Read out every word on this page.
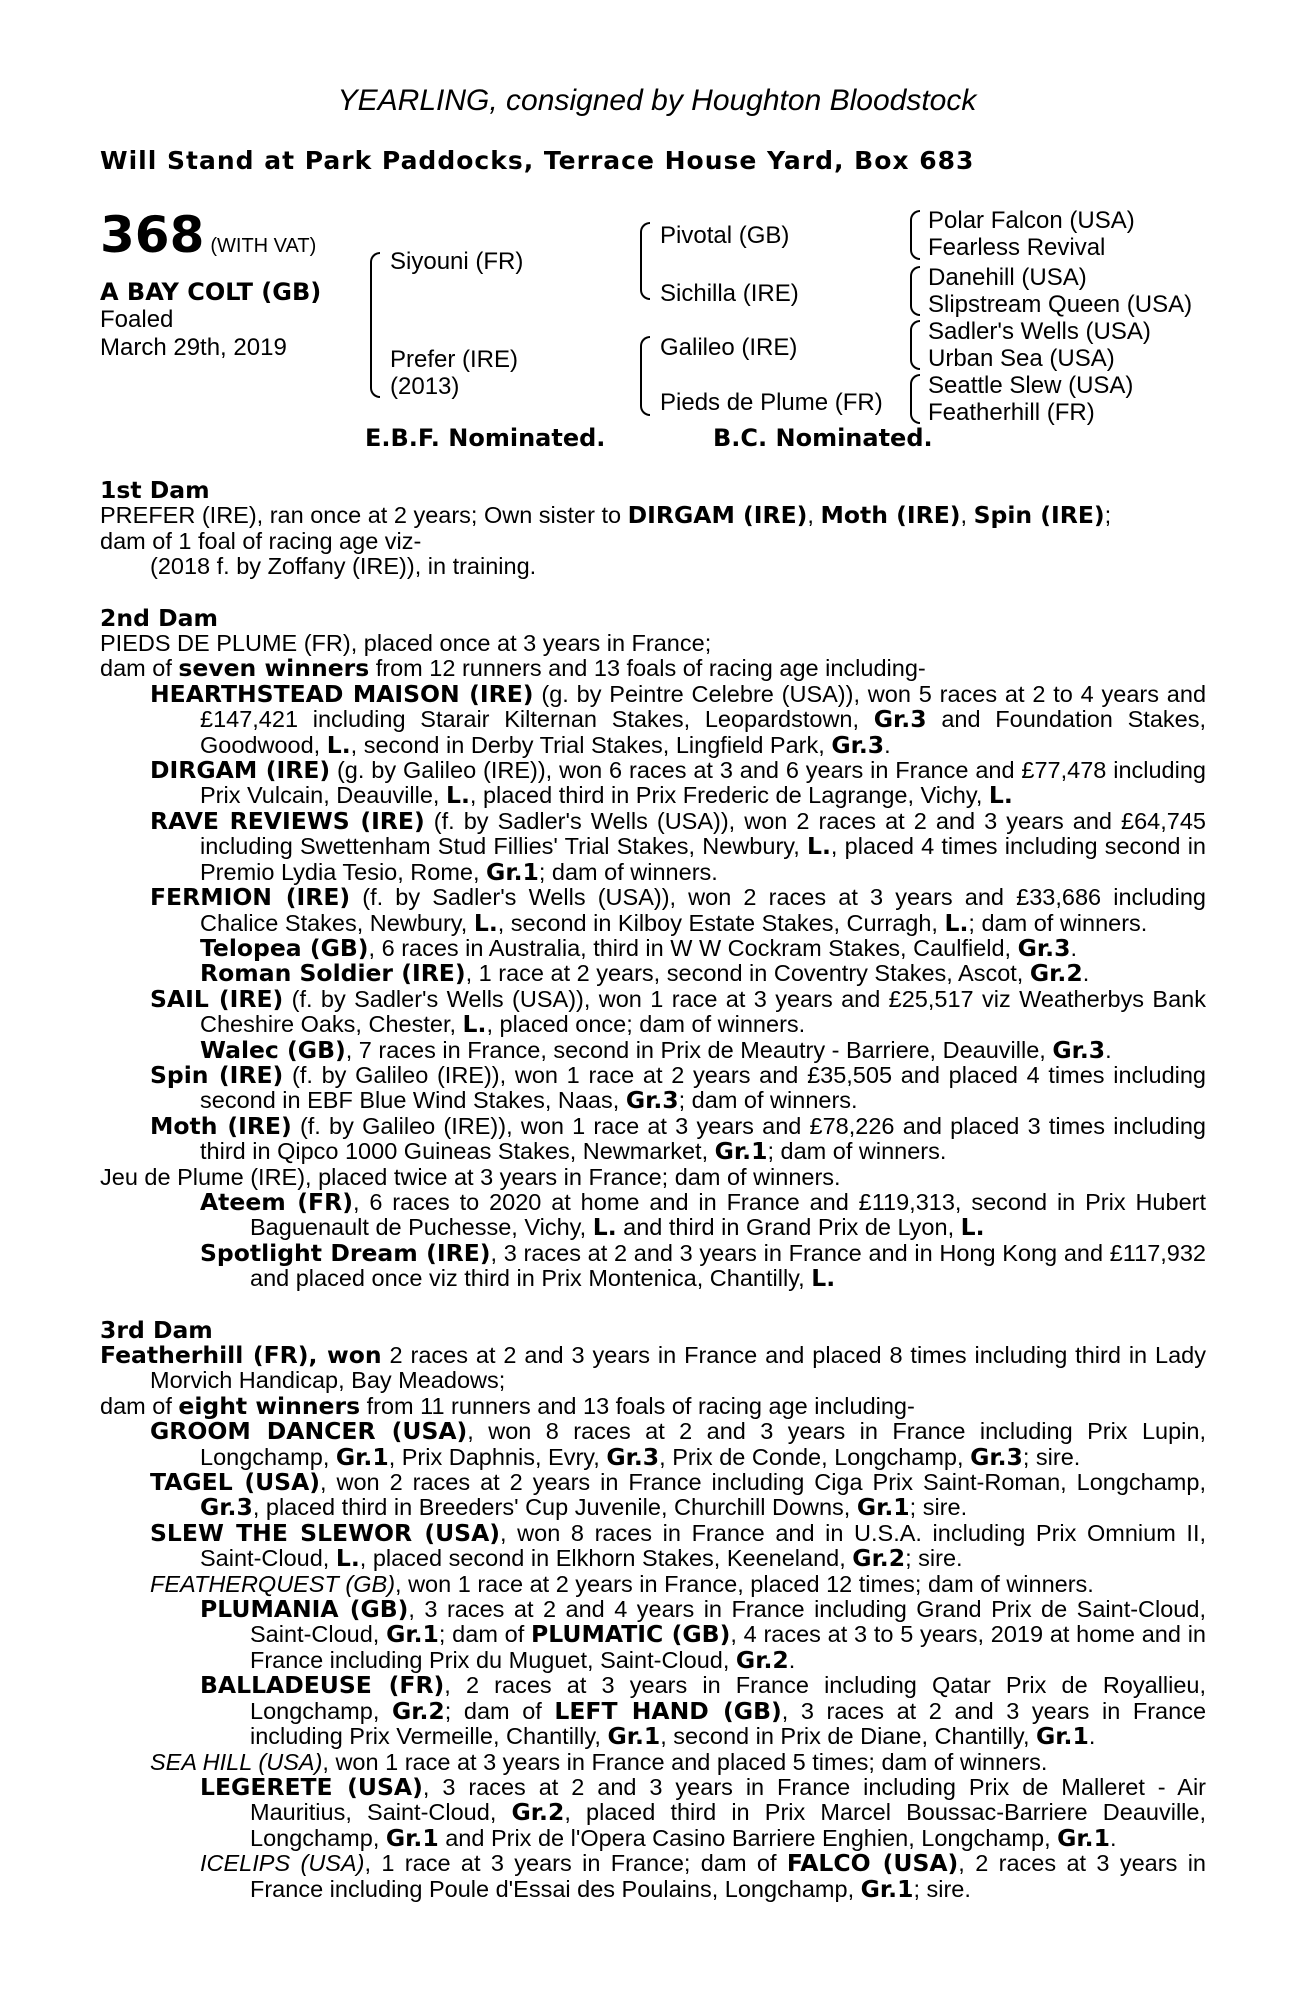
YEARLING, consigned by Houghton Bloodstock
Will Stand at Park Paddocks, Terrace House Yard, Box 683
368 (WITH VAT)
A BAY COLT (GB)
Foaled
March 29th, 2019
Siyouni (FR)
Prefer (IRE)
(2013)
Pivotal (GB)
Sichilla (IRE)
Galileo (IRE)
Pieds de Plume (FR)
Polar Falcon (USA)
Fearless Revival
Danehill (USA)
Slipstream Queen (USA)
Sadler's Wells (USA)
Urban Sea (USA)
Seattle Slew (USA)
Featherhill (FR)
E.B.F. Nominated.	B.C. Nominated.
1st Dam
PREFER (IRE), ran once at 2 years; Own sister to DIRGAM (IRE), Moth (IRE), Spin (IRE);
dam of 1 foal of racing age viz-
(2018 f. by Zoffany (IRE)), in training.
2nd Dam
PIEDS DE PLUME (FR), placed once at 3 years in France;
dam of seven winners from 12 runners and 13 foals of racing age including-
HEARTHSTEAD MAISON (IRE) (g. by Peintre Celebre (USA)), won 5 races at 2 to 4 years and £147,421 including Starair Kilternan Stakes, Leopardstown, Gr.3 and Foundation Stakes, Goodwood, L., second in Derby Trial Stakes, Lingfield Park, Gr.3.
DIRGAM (IRE) (g. by Galileo (IRE)), won 6 races at 3 and 6 years in France and £77,478 including Prix Vulcain, Deauville, L., placed third in Prix Frederic de Lagrange, Vichy, L.
RAVE REVIEWS (IRE) (f. by Sadler's Wells (USA)), won 2 races at 2 and 3 years and £64,745 including Swettenham Stud Fillies' Trial Stakes, Newbury, L., placed 4 times including second in Premio Lydia Tesio, Rome, Gr.1; dam of winners.
FERMION (IRE) (f. by Sadler's Wells (USA)), won 2 races at 3 years and £33,686 including Chalice Stakes, Newbury, L., second in Kilboy Estate Stakes, Curragh, L.; dam of winners.
Telopea (GB), 6 races in Australia, third in W W Cockram Stakes, Caulfield, Gr.3.
Roman Soldier (IRE), 1 race at 2 years, second in Coventry Stakes, Ascot, Gr.2.
SAIL (IRE) (f. by Sadler's Wells (USA)), won 1 race at 3 years and £25,517 viz Weatherbys Bank Cheshire Oaks, Chester, L., placed once; dam of winners.
Walec (GB), 7 races in France, second in Prix de Meautry - Barriere, Deauville, Gr.3.
Spin (IRE) (f. by Galileo (IRE)), won 1 race at 2 years and £35,505 and placed 4 times including second in EBF Blue Wind Stakes, Naas, Gr.3; dam of winners.
Moth (IRE) (f. by Galileo (IRE)), won 1 race at 3 years and £78,226 and placed 3 times including third in Qipco 1000 Guineas Stakes, Newmarket, Gr.1; dam of winners.
Jeu de Plume (IRE), placed twice at 3 years in France; dam of winners.
Ateem (FR), 6 races to 2020 at home and in France and £119,313, second in Prix Hubert Baguenault de Puchesse, Vichy, L. and third in Grand Prix de Lyon, L.
Spotlight Dream (IRE), 3 races at 2 and 3 years in France and in Hong Kong and £117,932 and placed once viz third in Prix Montenica, Chantilly, L.
3rd Dam
Featherhill (FR), won 2 races at 2 and 3 years in France and placed 8 times including third in Lady Morvich Handicap, Bay Meadows;
dam of eight winners from 11 runners and 13 foals of racing age including-
GROOM DANCER (USA), won 8 races at 2 and 3 years in France including Prix Lupin, Longchamp, Gr.1, Prix Daphnis, Evry, Gr.3, Prix de Conde, Longchamp, Gr.3; sire.
TAGEL (USA), won 2 races at 2 years in France including Ciga Prix Saint-Roman, Longchamp, Gr.3, placed third in Breeders' Cup Juvenile, Churchill Downs, Gr.1; sire.
SLEW THE SLEWOR (USA), won 8 races in France and in U.S.A. including Prix Omnium II, Saint-Cloud, L., placed second in Elkhorn Stakes, Keeneland, Gr.2; sire.
FEATHERQUEST (GB), won 1 race at 2 years in France, placed 12 times; dam of winners.
PLUMANIA (GB), 3 races at 2 and 4 years in France including Grand Prix de Saint-Cloud, Saint-Cloud, Gr.1; dam of PLUMATIC (GB), 4 races at 3 to 5 years, 2019 at home and in France including Prix du Muguet, Saint-Cloud, Gr.2.
BALLADEUSE (FR), 2 races at 3 years in France including Qatar Prix de Royallieu, Longchamp, Gr.2; dam of LEFT HAND (GB), 3 races at 2 and 3 years in France including Prix Vermeille, Chantilly, Gr.1, second in Prix de Diane, Chantilly, Gr.1.
SEA HILL (USA), won 1 race at 3 years in France and placed 5 times; dam of winners.
LEGERETE (USA), 3 races at 2 and 3 years in France including Prix de Malleret - Air Mauritius, Saint-Cloud, Gr.2, placed third in Prix Marcel Boussac-Barriere Deauville, Longchamp, Gr.1 and Prix de l'Opera Casino Barriere Enghien, Longchamp, Gr.1.
ICELIPS (USA), 1 race at 3 years in France; dam of FALCO (USA), 2 races at 3 years in France including Poule d'Essai des Poulains, Longchamp, Gr.1; sire.
